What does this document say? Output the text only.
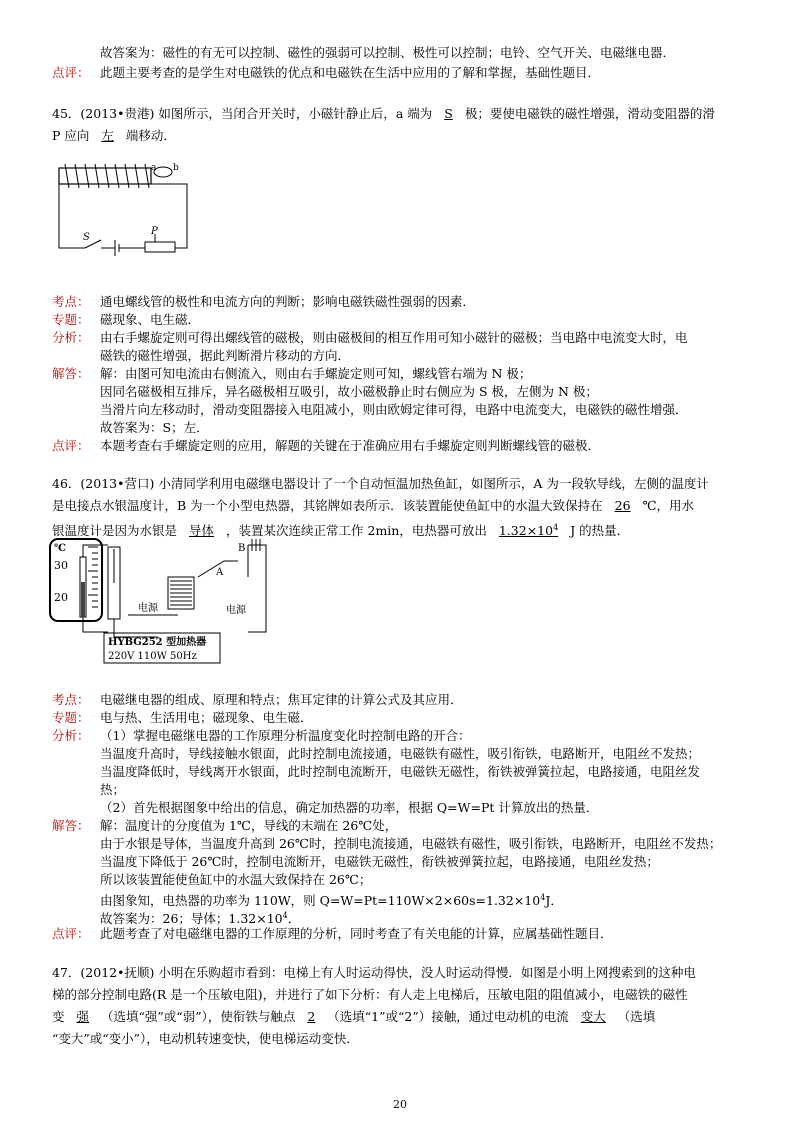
故答案为：磁性的有无可以控制、磁性的强弱可以控制、极性可以控制；电铃、空气开关、电磁继电器．
点评： 此题主要考查的是学生对电磁铁的优点和电磁铁在生活中应用的了解和掌握，基础性题目．
45．(2013•贵港) 如图所示，当闭合开关时，小磁针静止后，a 端为 S 极；要使电磁铁的磁性增强，滑动变阻器的滑
P 应向 左 端移动．
a b
S
P
考点： 通电螺线管的极性和电流方向的判断；影响电磁铁磁性强弱的因素．
专题： 磁现象、电生磁．
分析： 由右手螺旋定则可得出螺线管的磁极，则由磁极间的相互作用可知小磁针的磁极；当电路中电流变大时，电
磁铁的磁性增强，据此判断滑片移动的方向．
解答： 解：由图可知电流由右侧流入，则由右手螺旋定则可知，螺线管右端为 N 极；
因同名磁极相互排斥，异名磁极相互吸引，故小磁极静止时右侧应为 S 极，左侧为 N 极；
当滑片向左移动时，滑动变阻器接入电阻减小，则由欧姆定律可得，电路中电流变大，电磁铁的磁性增强．
故答案为：S；左．
点评： 本题考查右手螺旋定则的应用，解题的关键在于准确应用右手螺旋定则判断螺线管的磁极．
46．(2013•营口) 小清同学利用电磁继电器设计了一个自动恒温加热鱼缸，如图所示，A 为一段软导线，左侧的温度计
是电接点水银温度计，B 为一个小型电热器，其铭牌如表所示．该装置能使鱼缸中的水温大致保持在 26 ℃，用水
银温度计是因为水银是 导体 ，装置某次连续正常工作 2min，电热器可放出 $1.32\times 10^4$ J 的热量．
℃
30
20
电源
A
B
电源
HYBG252 型加热器
220V 110W 50Hz
考点： 电磁继电器的组成、原理和特点；焦耳定律的计算公式及其应用．
专题： 电与热、生活用电；磁现象、电生磁．
分析： （1）掌握电磁继电器的工作原理分析温度变化时控制电路的开合：
当温度升高时，导线接触水银面，此时控制电流接通，电磁铁有磁性，吸引衔铁，电路断开，电阻丝不发热；
当温度降低时，导线离开水银面，此时控制电流断开，电磁铁无磁性，衔铁被弹簧拉起，电路接通，电阻丝发
热；
（2）首先根据图象中给出的信息，确定加热器的功率，根据 Q=W=Pt 计算放出的热量．
解答： 解：温度计的分度值为 1℃，导线的末端在 26℃处，
由于水银是导体，当温度升高到 26℃时，控制电流接通，电磁铁有磁性，吸引衔铁，电路断开，电阻丝不发热；
当温度下降低于 26℃时，控制电流断开，电磁铁无磁性，衔铁被弹簧拉起，电路接通，电阻丝发热；
所以该装置能使鱼缸中的水温大致保持在 26℃；
由图象知，电热器的功率为 110W，则 $Q=W=Pt=110W\times 2\times 60s=1.32\times 10^4J$．
故答案为：26；导体；$1.32\times 10^4$．
点评： 此题考查了对电磁继电器的工作原理的分析，同时考查了有关电能的计算，应属基础性题目．
47．(2012•抚顺) 小明在乐购超市看到：电梯上有人时运动得快，没人时运动得慢．如图是小明上网搜索到的这种电
梯的部分控制电路(R 是一个压敏电阻)，并进行了如下分析：有人走上电梯后，压敏电阻的阻值减小，电磁铁的磁性
变 强 （选填“强”或“弱”），使衔铁与触点 2 （选填“1”或“2”）接触，通过电动机的电流 变大 （选填
“变大”或“变小”），电动机转速变快，使电梯运动变快．
20
